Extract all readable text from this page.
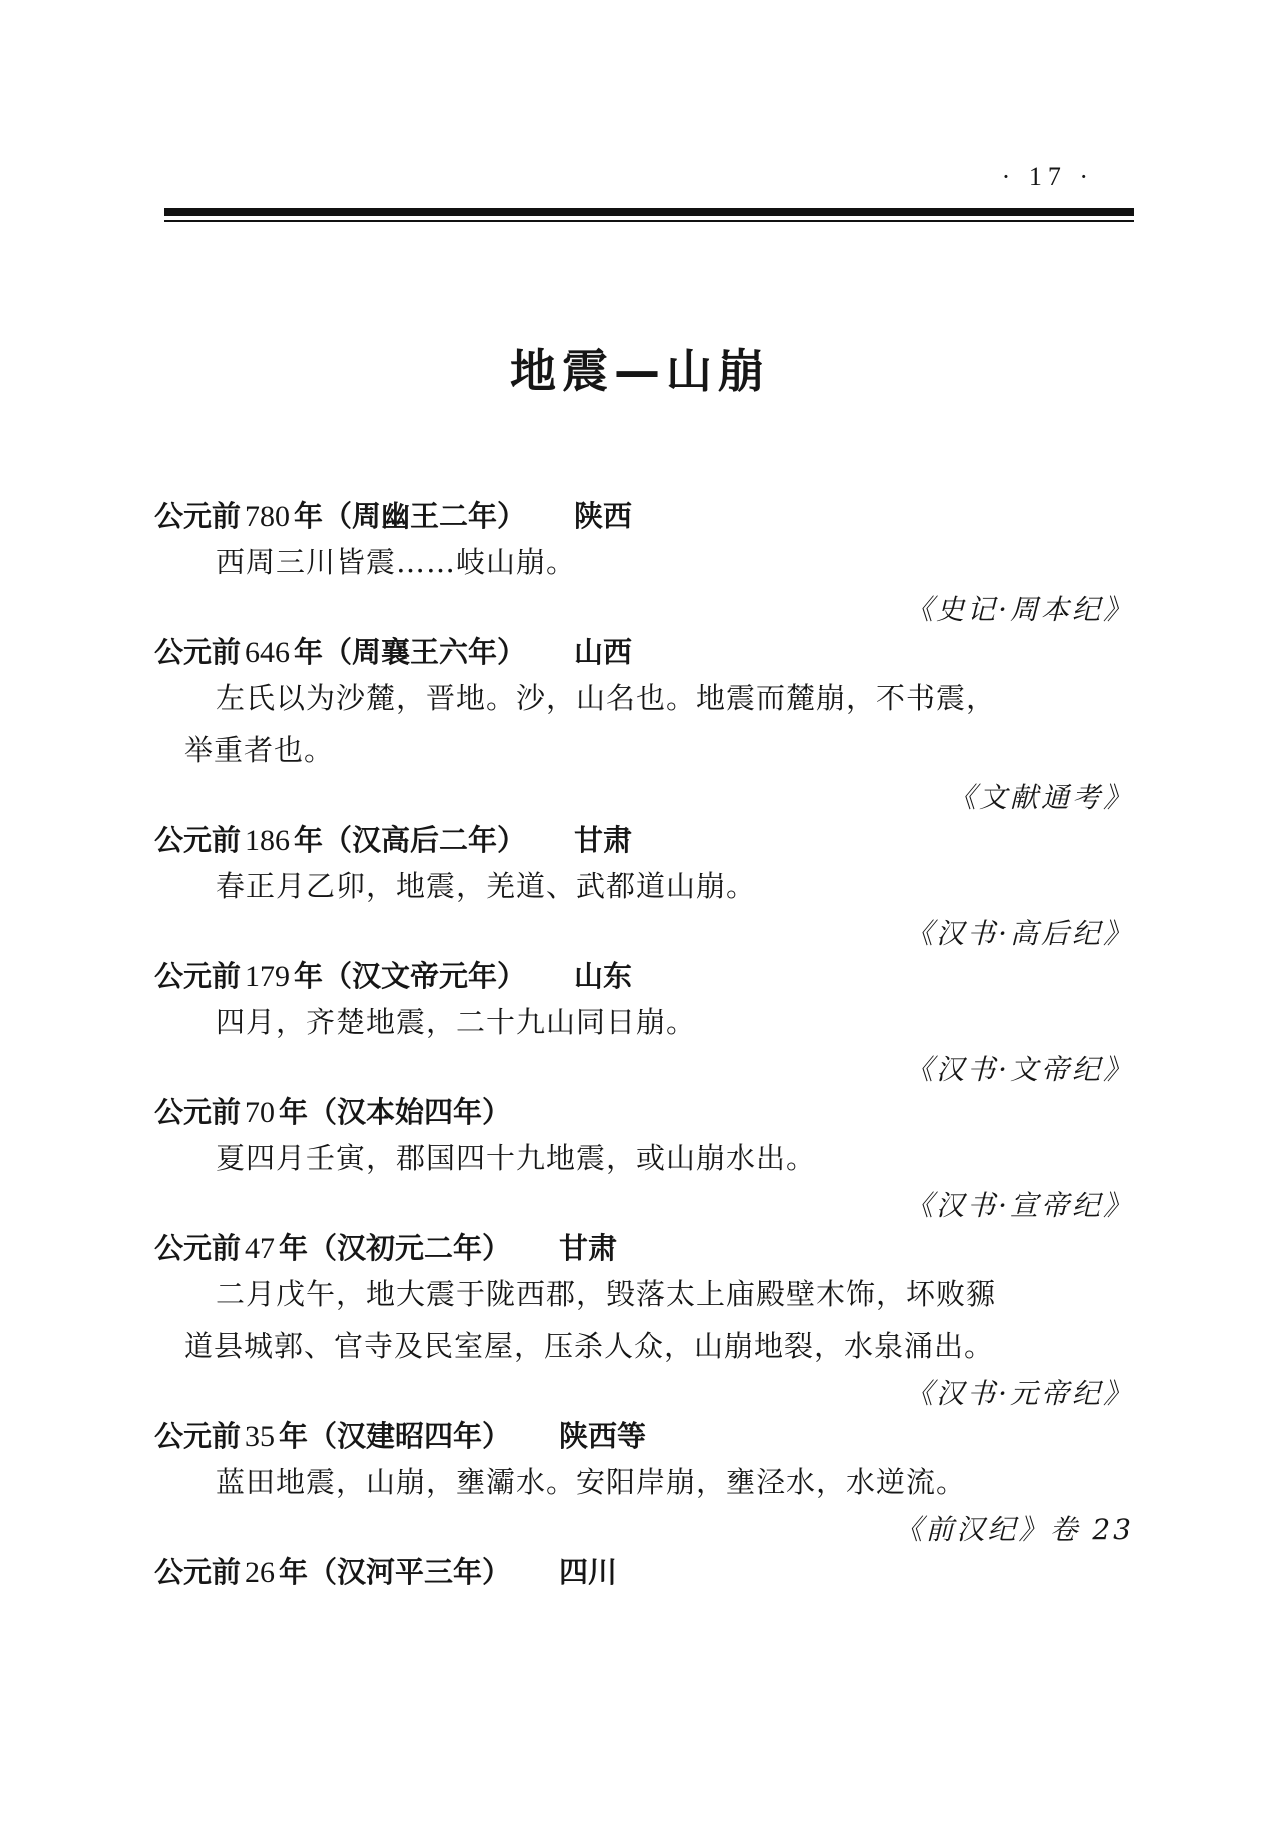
· 17 ·
地震—山崩
公元前 780 年（周幽王二年） 陕西
西周三川皆震……岐山崩。
《史记·周本纪》
公元前 646 年（周襄王六年） 山西
左氏以为沙麓，晋地。沙，山名也。地震而麓崩，不书震，
举重者也。
《文献通考》
公元前 186 年（汉高后二年） 甘肃
春正月乙卯，地震，羌道、武都道山崩。
《汉书·高后纪》
公元前 179 年（汉文帝元年） 山东
四月，齐楚地震，二十九山同日崩。
《汉书·文帝纪》
公元前 70 年（汉本始四年）
夏四月壬寅，郡国四十九地震，或山崩水出。
《汉书·宣帝纪》
公元前 47 年（汉初元二年） 甘肃
二月戊午，地大震于陇西郡，毁落太上庙殿壁木饰，坏败豲
道县城郭、官寺及民室屋，压杀人众，山崩地裂，水泉涌出。
《汉书·元帝纪》
公元前 35 年（汉建昭四年） 陕西等
蓝田地震，山崩，壅灞水。安阳岸崩，壅泾水，水逆流。
《前汉纪》卷 23
公元前 26 年（汉河平三年） 四川
